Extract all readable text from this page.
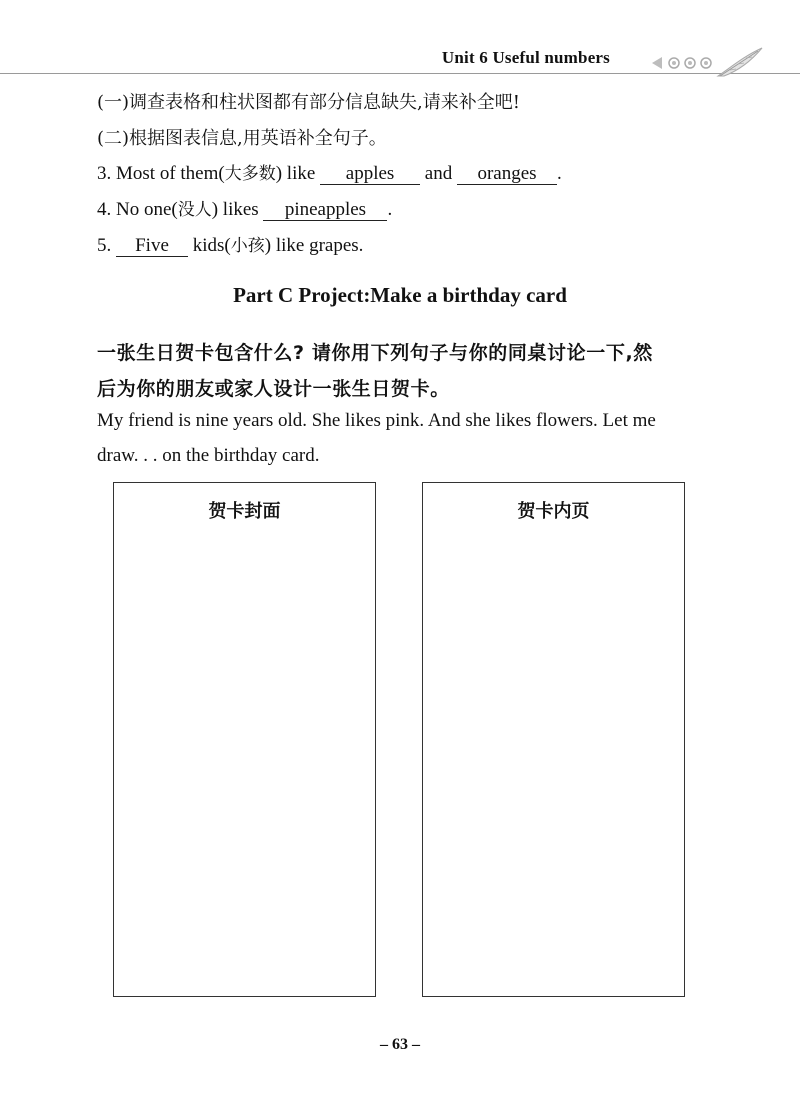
Unit 6 Useful numbers
(一)调查表格和柱状图都有部分信息缺失,请来补全吧!
(二)根据图表信息,用英语补全句子。
3. Most of them(大多数) like apples and oranges .
4. No one(没人) likes pineapples .
5. Five kids(小孩) like grapes.
Part C Project:Make a birthday card
一张生日贺卡包含什么? 请你用下列句子与你的同桌讨论一下,然
后为你的朋友或家人设计一张生日贺卡。
My friend is nine years old. She likes pink. And she likes flowers. Let me
draw. . . on the birthday card.
贺卡封面	贺卡内页
– 63 –
